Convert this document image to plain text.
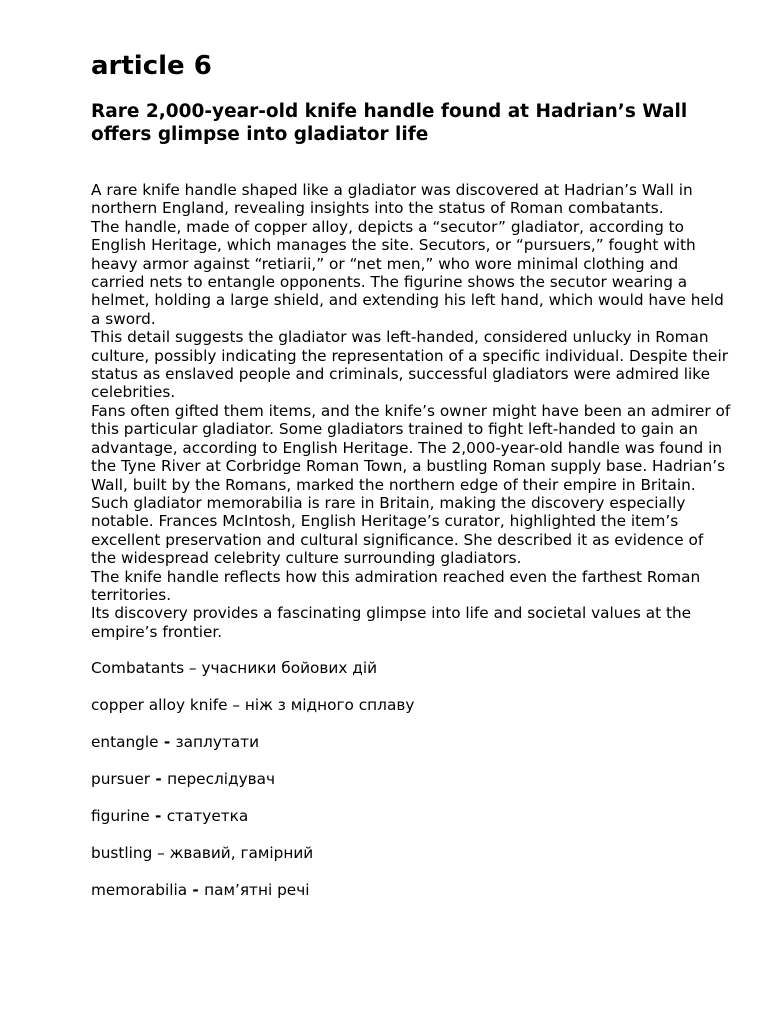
article 6
Rare 2,000-year-old knife handle found at Hadrian’s Wall offers glimpse into gladiator life

A rare knife handle shaped like a gladiator was discovered at Hadrian’s Wall in northern England, revealing insights into the status of Roman combatants.

The handle, made of copper alloy, depicts a “secutor” gladiator, according to English Heritage, which manages the site. Secutors, or “pursuers,” fought with heavy armor against “retiarii,” or “net men,” who wore minimal clothing and carried nets to entangle opponents. The figurine shows the secutor wearing a helmet, holding a large shield, and extending his left hand, which would have held a sword.

This detail suggests the gladiator was left-handed, considered unlucky in Roman culture, possibly indicating the representation of a specific individual. Despite their status as enslaved people and criminals, successful gladiators were admired like celebrities.

Fans often gifted them items, and the knife’s owner might have been an admirer of this particular gladiator. Some gladiators trained to fight left-handed to gain an advantage, according to English Heritage. The 2,000-year-old handle was found in the Tyne River at Corbridge Roman Town, a bustling Roman supply base. Hadrian’s Wall, built by the Romans, marked the northern edge of their empire in Britain. Such gladiator memorabilia is rare in Britain, making the discovery especially notable. Frances McIntosh, English Heritage’s curator, highlighted the item’s excellent preservation and cultural significance. She described it as evidence of the widespread celebrity culture surrounding gladiators.

The knife handle reflects how this admiration reached even the farthest Roman territories.

Its discovery provides a fascinating glimpse into life and societal values at the empire’s frontier.

Combatants – учасники бойових дій

copper alloy knife – ніж з мідного сплаву

entangle - заплутати

pursuer - переслідувач

figurine - статуетка

bustling – жвавий, гамірний

memorabilia - пам’ятні речі
